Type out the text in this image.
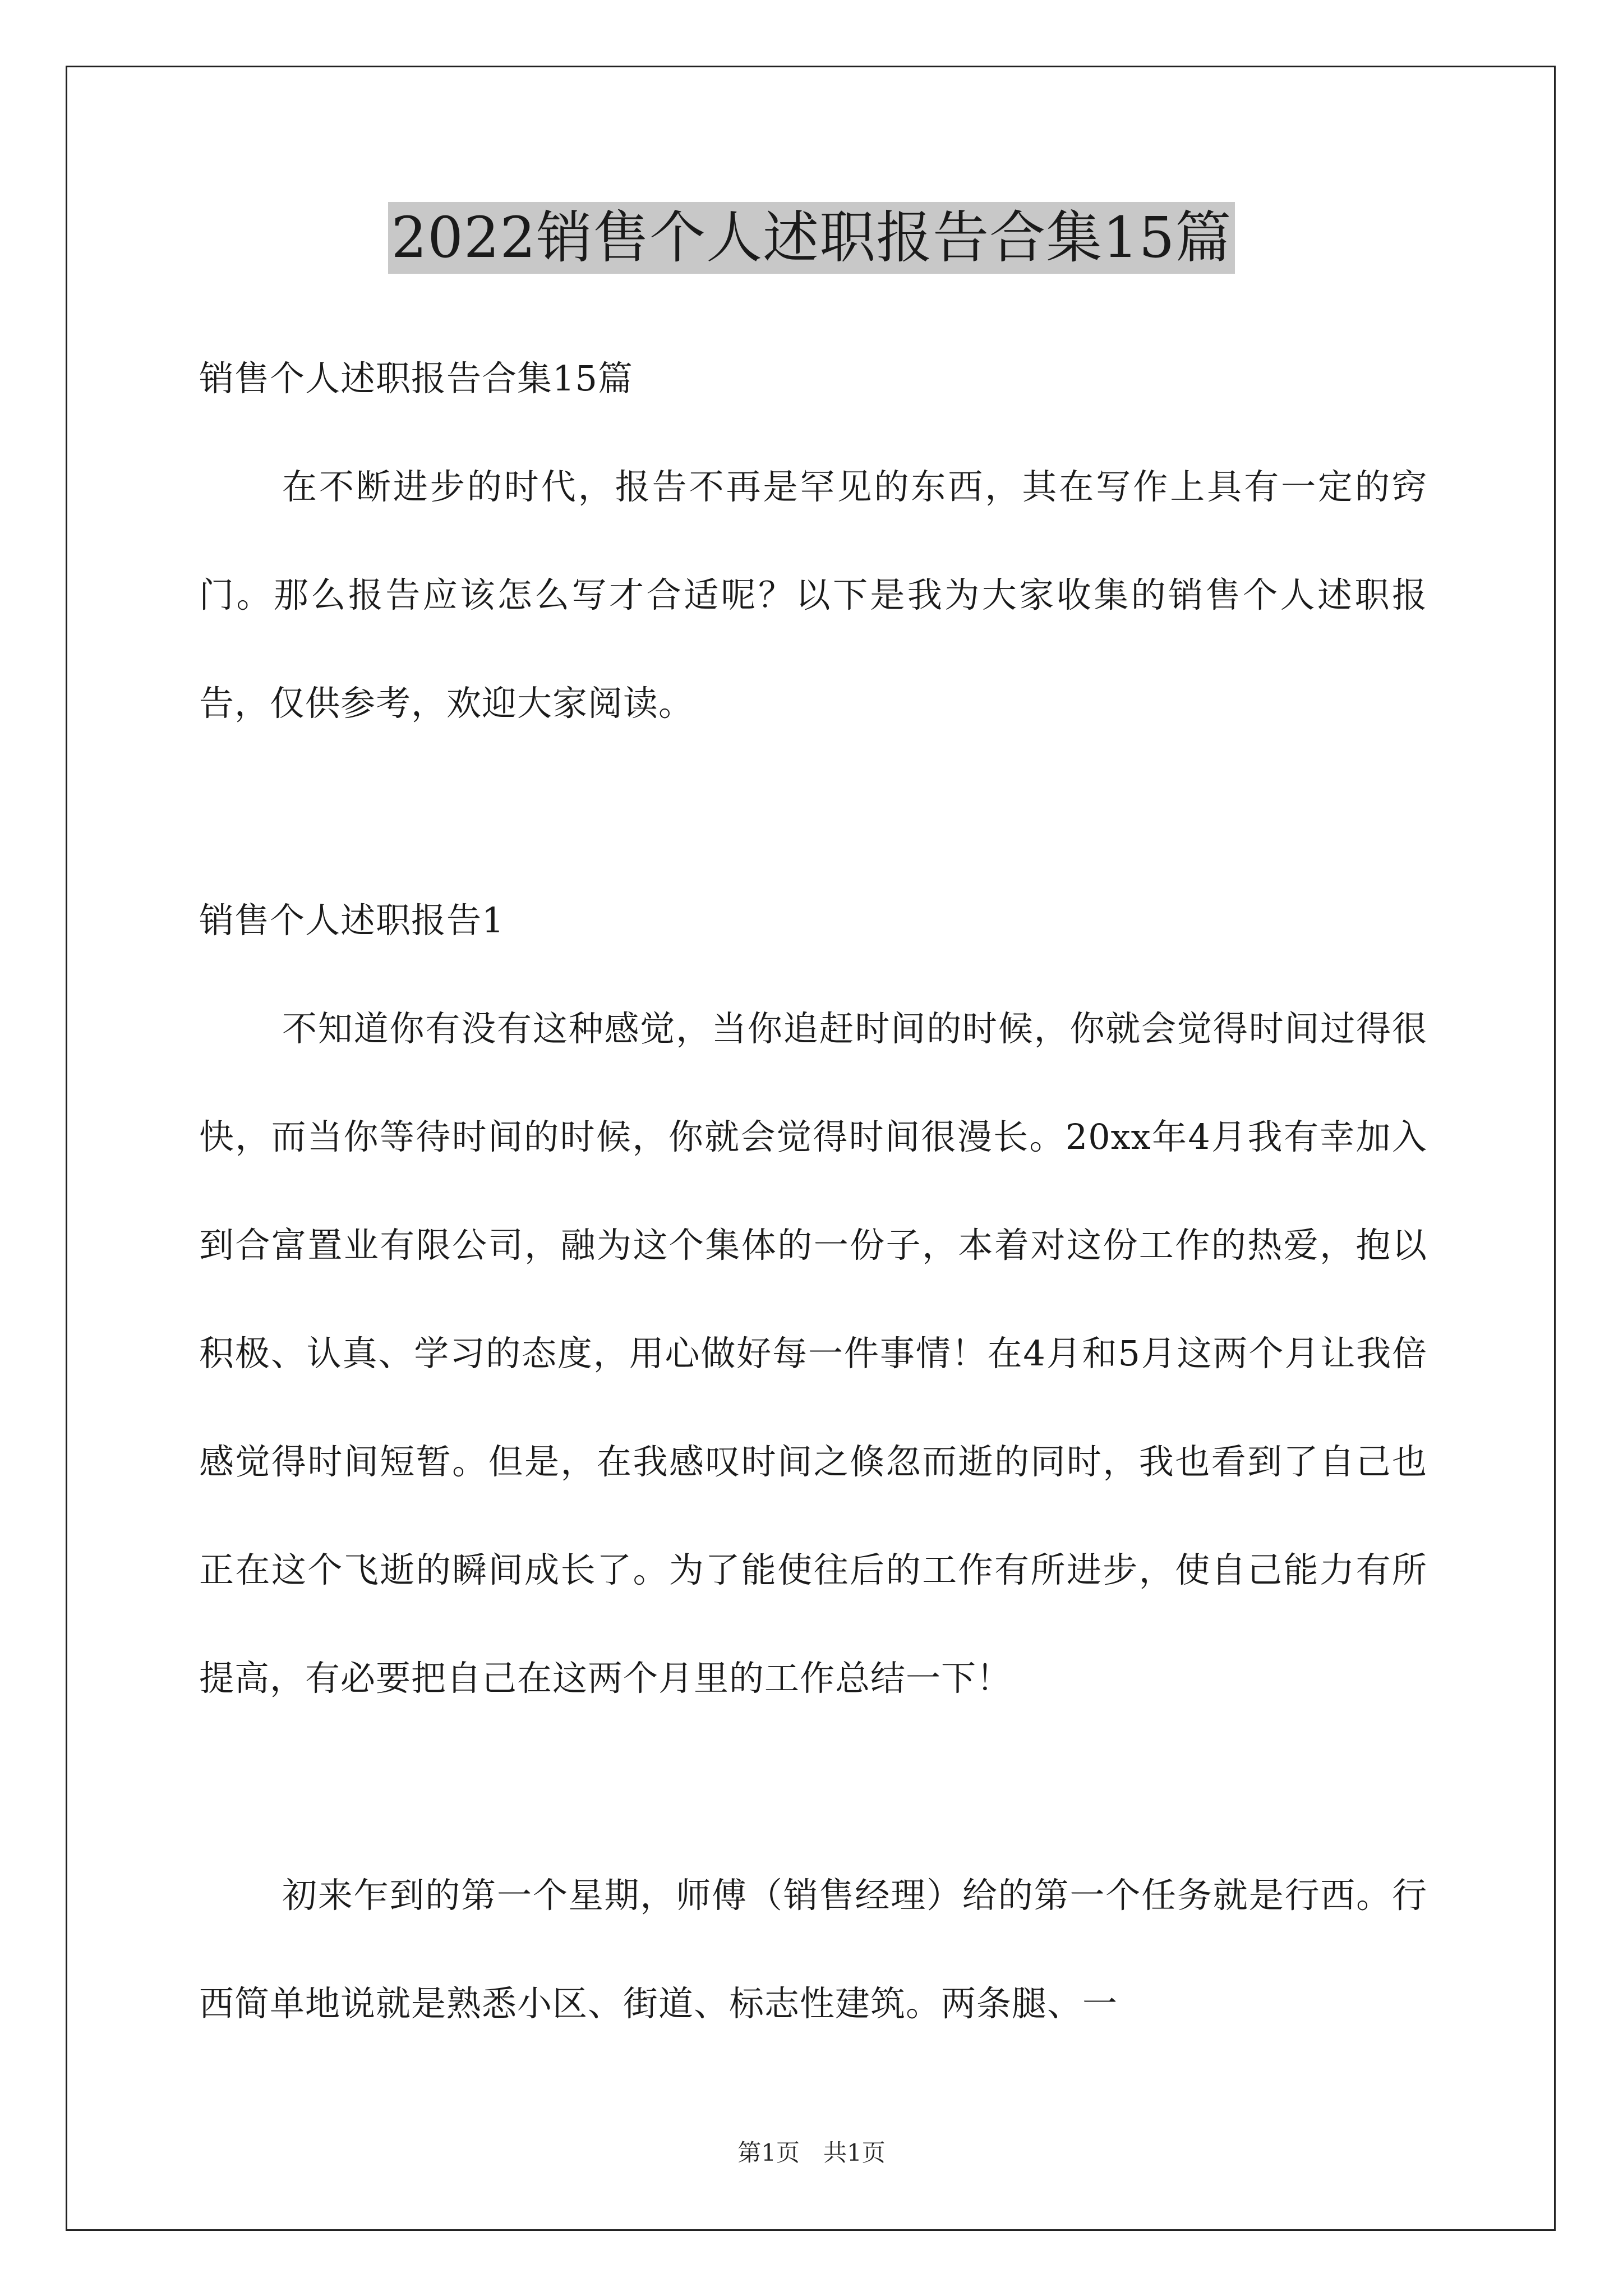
2022销售个人述职报告合集15篇
销售个人述职报告合集15篇
在不断进步的时代，报告不再是罕见的东西，其在写作上具有一定的窍门。那么报告应该怎么写才合适呢？以下是我为大家收集的销售个人述职报告，仅供参考，欢迎大家阅读。
销售个人述职报告1
不知道你有没有这种感觉，当你追赶时间的时候，你就会觉得时间过得很快，而当你等待时间的时候，你就会觉得时间很漫长。20xx年4月我有幸加入到合富置业有限公司，融为这个集体的一份子，本着对这份工作的热爱，抱以积极、认真、学习的态度，用心做好每一件事情！在4月和5月这两个月让我倍感觉得时间短暂。但是，在我感叹时间之倏忽而逝的同时，我也看到了自己也正在这个飞逝的瞬间成长了。为了能使往后的工作有所进步，使自己能力有所提高，有必要把自己在这两个月里的工作总结一下！
初来乍到的第一个星期，师傅（销售经理）给的第一个任务就是行西。行西简单地说就是熟悉小区、街道、标志性建筑。两条腿、一
第1页　共1页
